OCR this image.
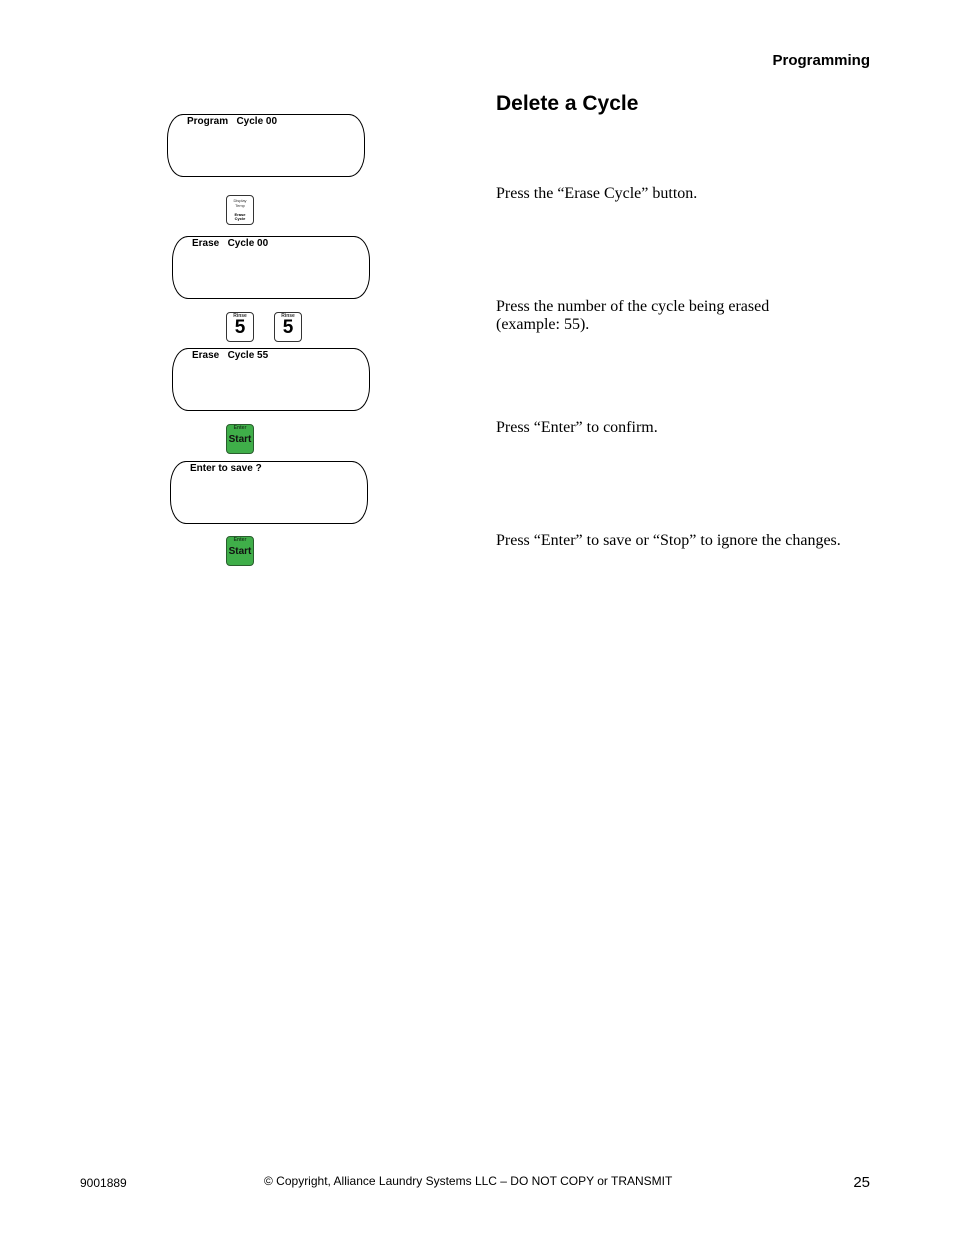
Programming
Delete a Cycle
Program   Cycle 00
Display
Temp
Erase
Cycle
Erase   Cycle 00
Rinse
5
Rinse
5
Erase   Cycle 55
Enter
Start
Enter to save ?
Enter
Start
Press the “Erase Cycle” button.
Press the number of the cycle being erased (example: 55).
Press “Enter” to confirm.
Press “Enter” to save or “Stop” to ignore the changes.
9001889	© Copyright, Alliance Laundry Systems LLC – DO NOT COPY or TRANSMIT	25
